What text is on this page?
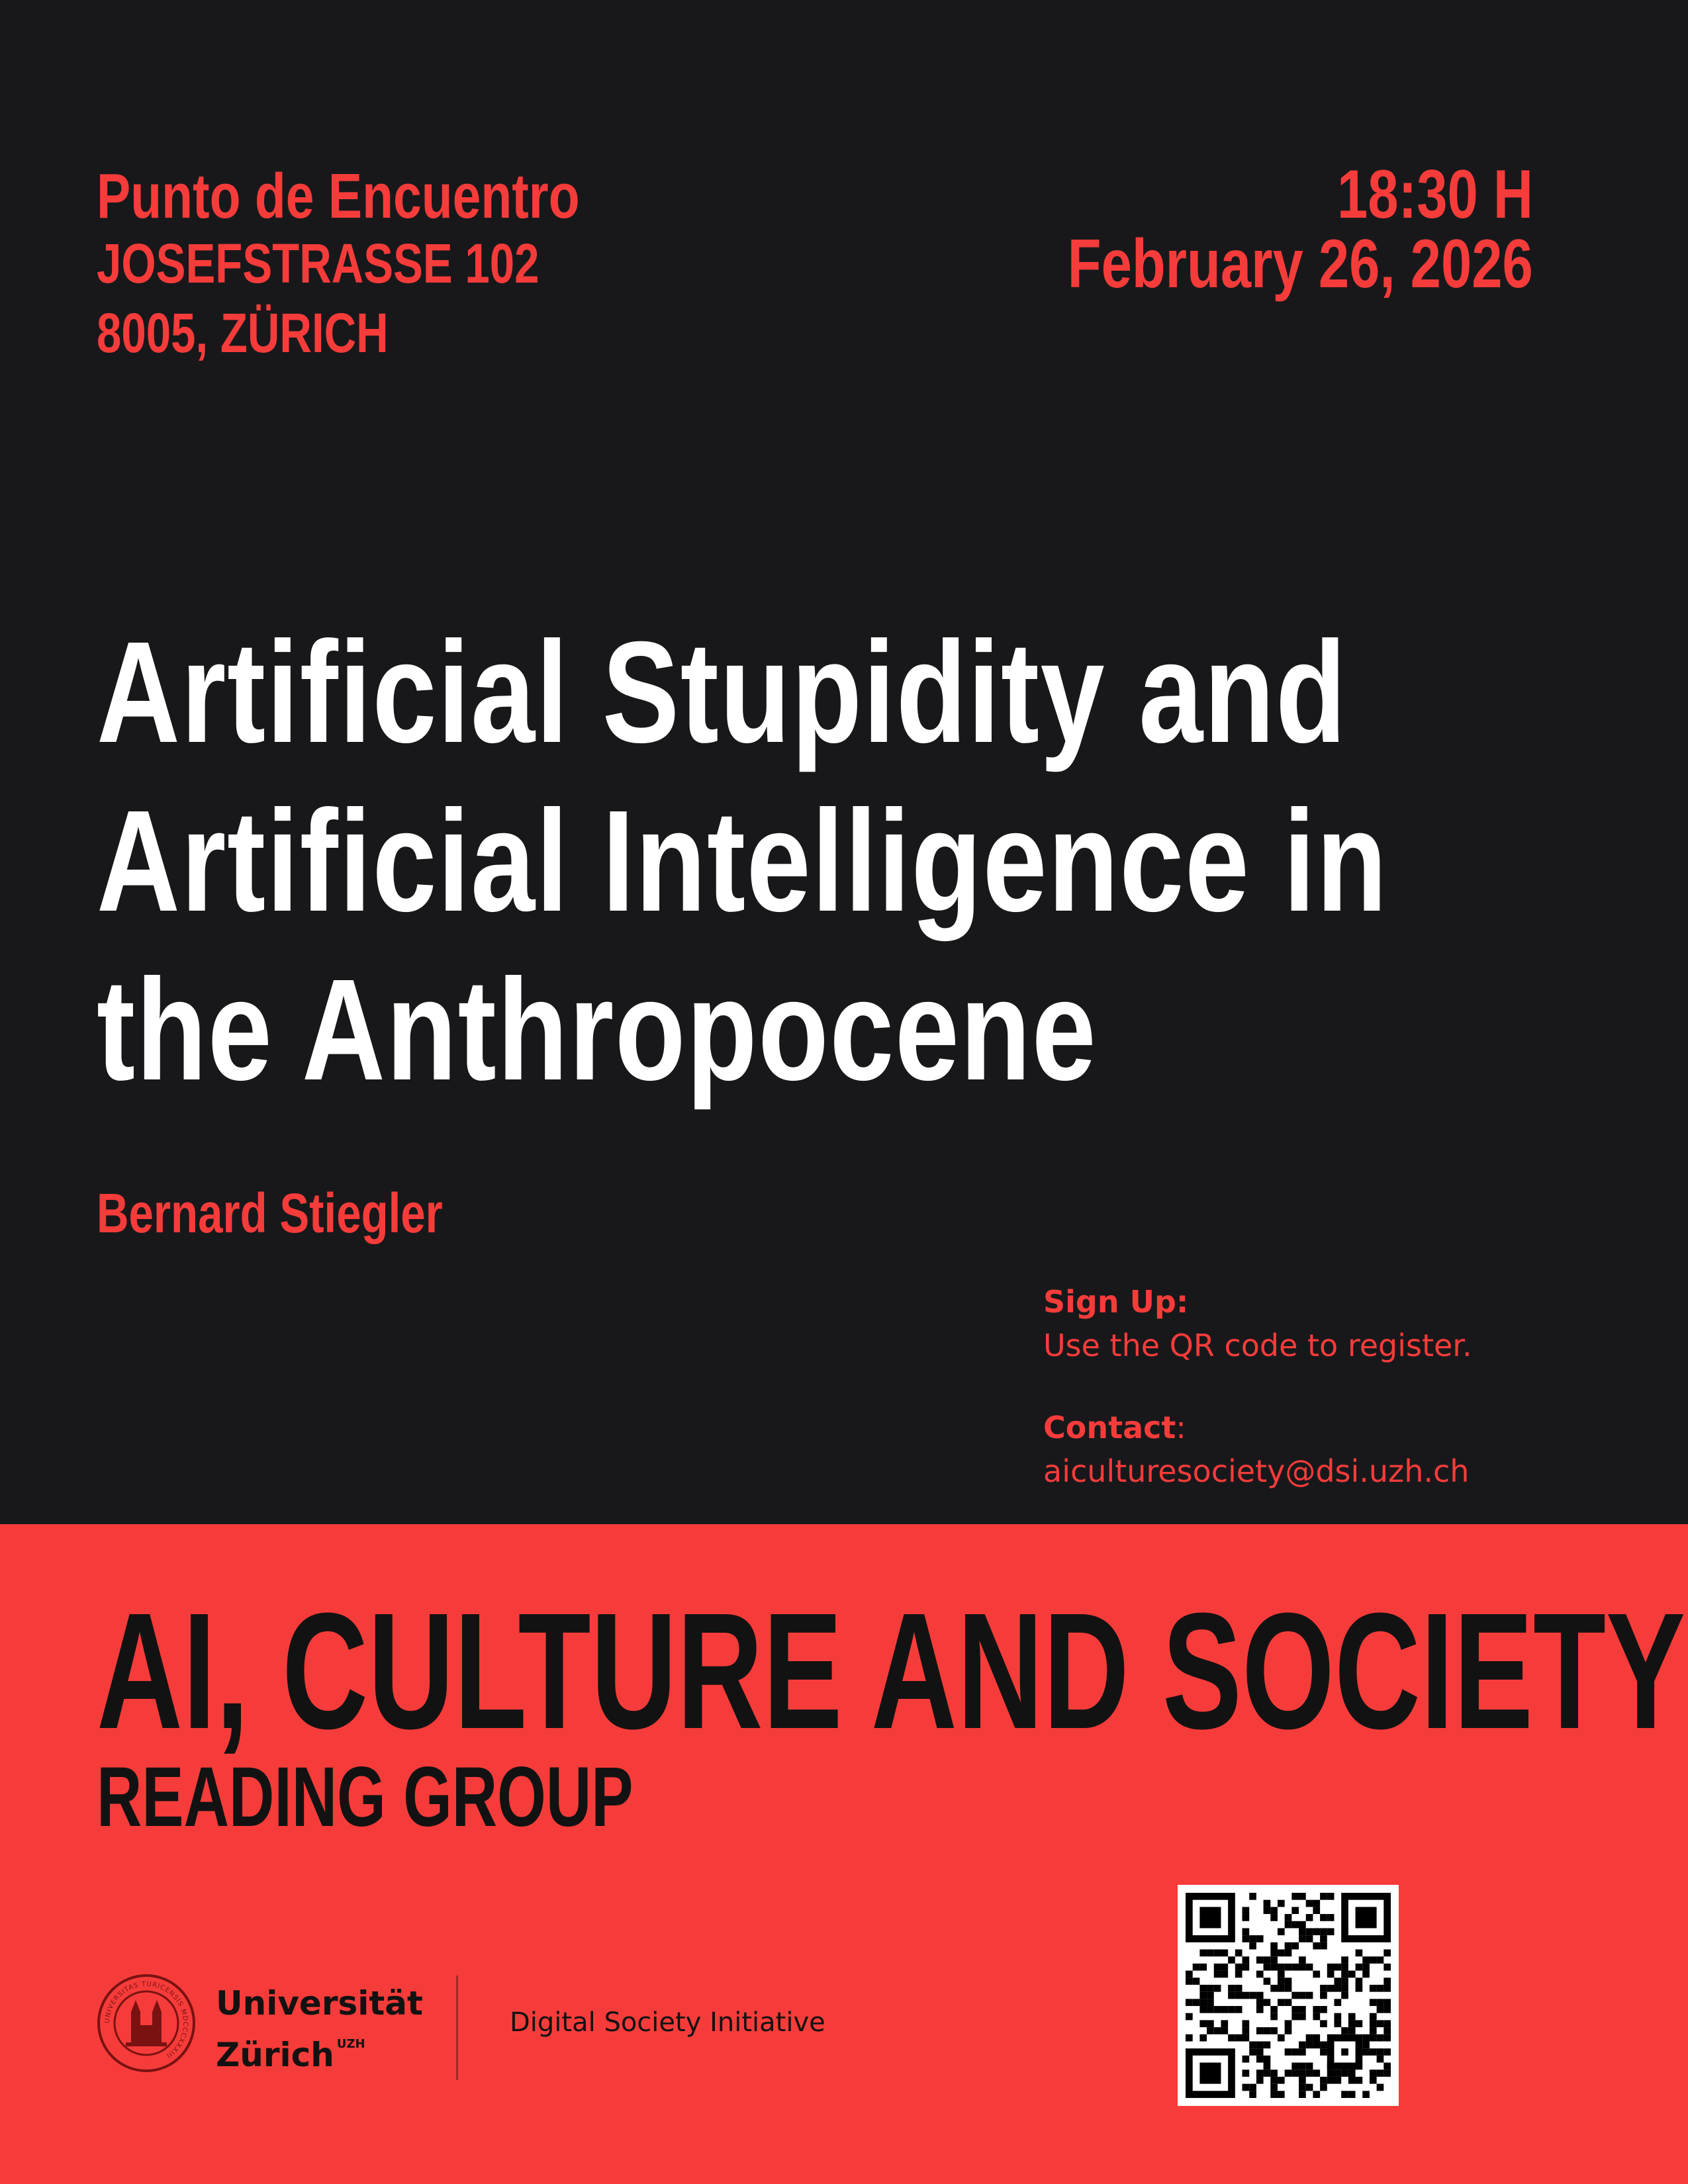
Punto de Encuentro
JOSEFSTRASSE 102
8005, ZÜRICH
18:30 H
February 26, 2026
Artificial Stupidity and
Artificial Intelligence in
the Anthropocene
Bernard Stiegler
Sign Up:
Use the QR code to register.
Contact:
aiculturesociety@dsi.uzh.ch
AI, CULTURE AND SOCIETY
READING GROUP
UNIVERSITAS TURICENSIS MDCCCXXXIII
Universität
Zürich $^{UZH}$
Digital Society Initiative
